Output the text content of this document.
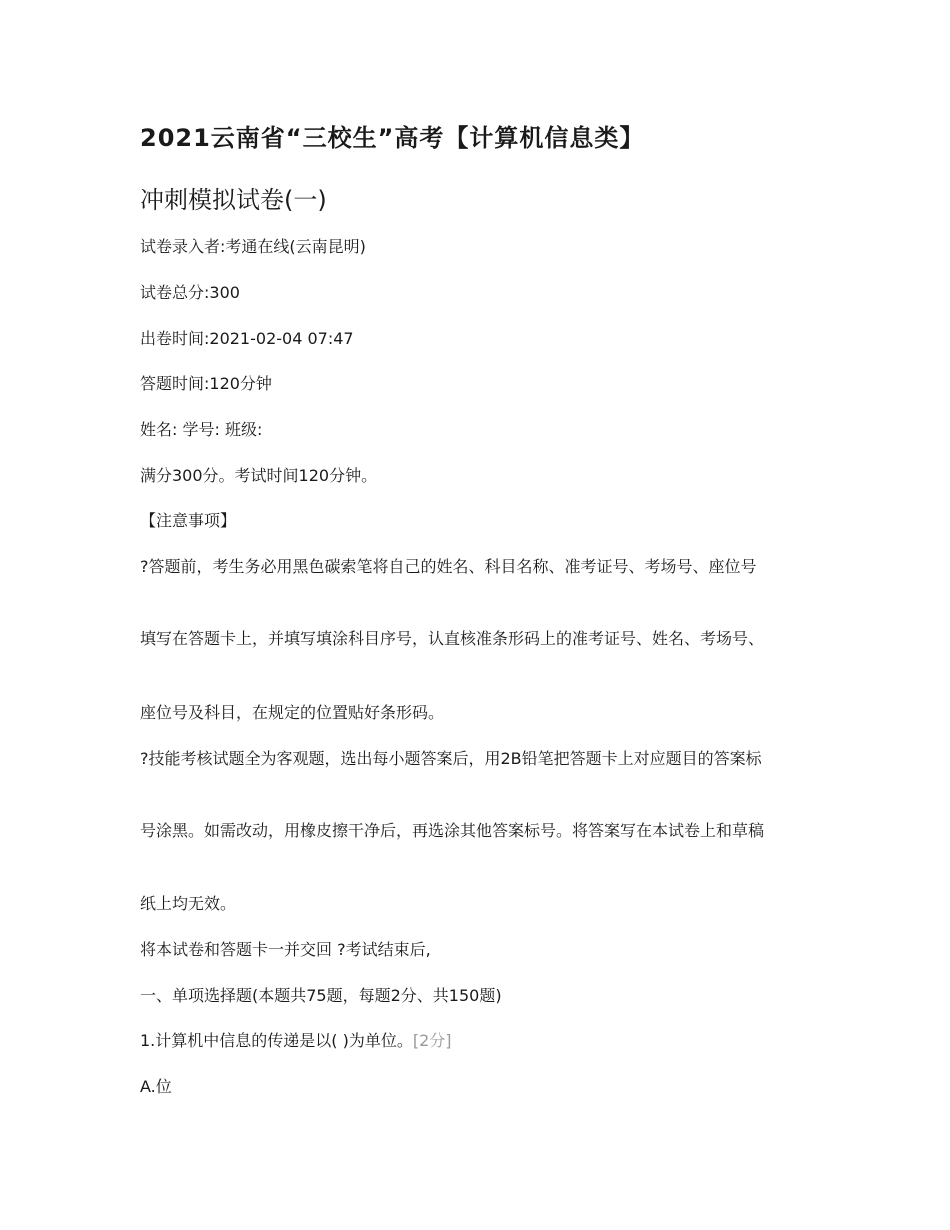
2021云南省“三校生”高考【计算机信息类】
冲刺模拟试卷(一)

试卷录入者:考通在线(云南昆明)

试卷总分:300

出卷时间:2021-02-04 07:47

答题时间:120分钟

姓名: 学号: 班级:

满分300分。考试时间120分钟。

【注意事项】

?答题前，考生务必用黑色碳索笔将自己的姓名、科目名称、准考证号、考场号、座位号

填写在答题卡上，并填写填涂科目序号，认直核准条形码上的准考证号、姓名、考场号、

座位号及科目，在规定的位置贴好条形码。

?技能考核试题全为客观题，选出每小题答案后，用2B铅笔把答题卡上对应题目的答案标

号涂黑。如需改动，用橡皮擦干净后，再选涂其他答案标号。将答案写在本试卷上和草稿

纸上均无效。

将本试卷和答题卡一并交回 ?考试结束后,

一、单项选择题(本题共75题，每题2分、共150题)

1.计算机中信息的传递是以( )为单位。[2分]

A.位
